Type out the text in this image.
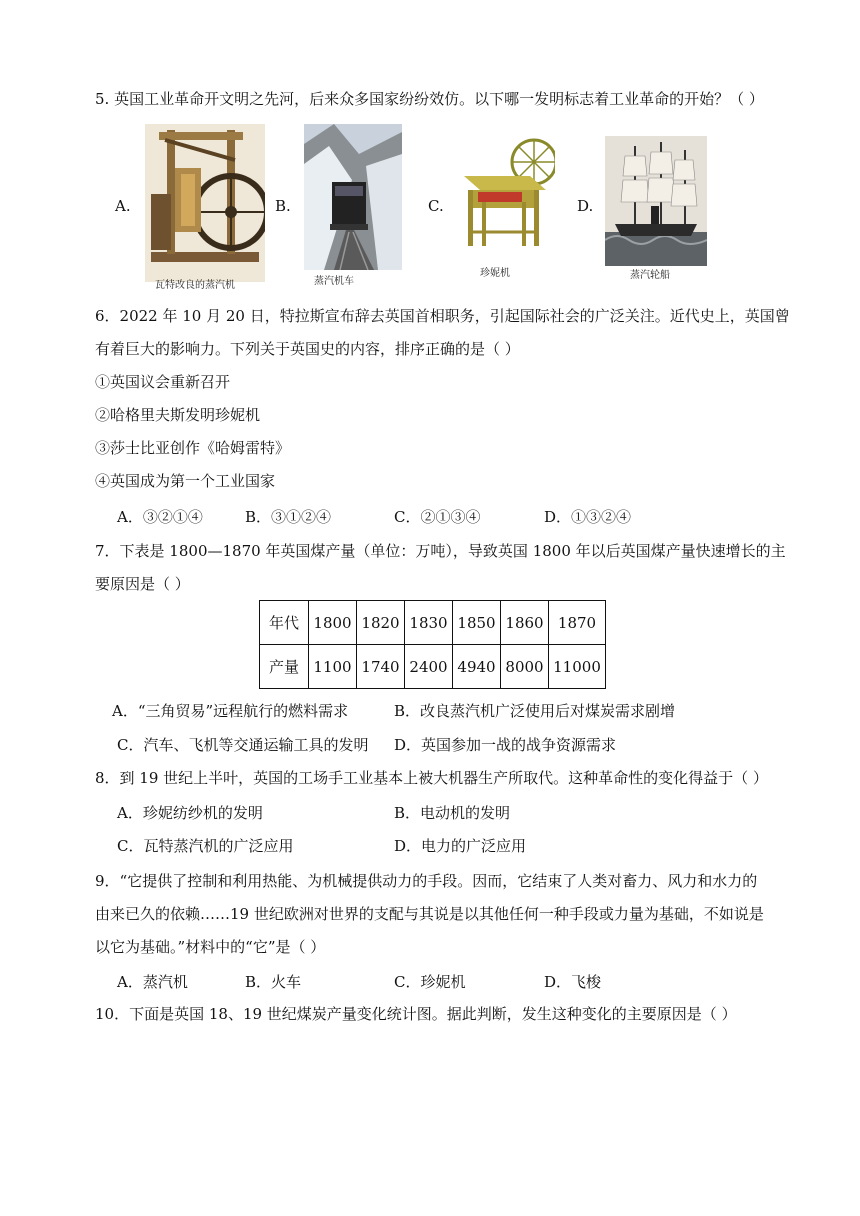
5. 英国工业革命开文明之先河，后来众多国家纷纷效仿。以下哪一发明标志着工业革命的开始？（ ）
A.
瓦特改良的蒸汽机
B.
蒸汽机车
C.
珍妮机
D.
蒸汽轮船
6．2022 年 10 月 20 日，特拉斯宣布辞去英国首相职务，引起国际社会的广泛关注。近代史上，英国曾
有着巨大的影响力。下列关于英国史的内容，排序正确的是（ ）
①英国议会重新召开
②哈格里夫斯发明珍妮机
③莎士比亚创作《哈姆雷特》
④英国成为第一个工业国家
A．③②①④	B．③①②④	C．②①③④	D．①③②④
7．下表是 1800—1870 年英国煤产量（单位：万吨），导致英国 1800 年以后英国煤产量快速增长的主
要原因是（ ）
年代	1800	1820	1830	1850	1860	1870
产量	1100	1740	2400	4940	8000	11000
A．“三角贸易”远程航行的燃料需求	B．改良蒸汽机广泛使用后对煤炭需求剧增
C．汽车、飞机等交通运输工具的发明 D．英国参加一战的战争资源需求
8．到 19 世纪上半叶，英国的工场手工业基本上被大机器生产所取代。这种革命性的变化得益于（ ）
A．珍妮纺纱机的发明	B．电动机的发明
C．瓦特蒸汽机的广泛应用	D．电力的广泛应用
9．“它提供了控制和利用热能、为机械提供动力的手段。因而，它结束了人类对畜力、风力和水力的
由来已久的依赖……19 世纪欧洲对世界的支配与其说是以其他任何一种手段或力量为基础，不如说是
以它为基础。”材料中的“它”是（ ）
A．蒸汽机	B．火车	C．珍妮机	D．飞梭
10．下面是英国 18、19 世纪煤炭产量变化统计图。据此判断，发生这种变化的主要原因是（ ）
